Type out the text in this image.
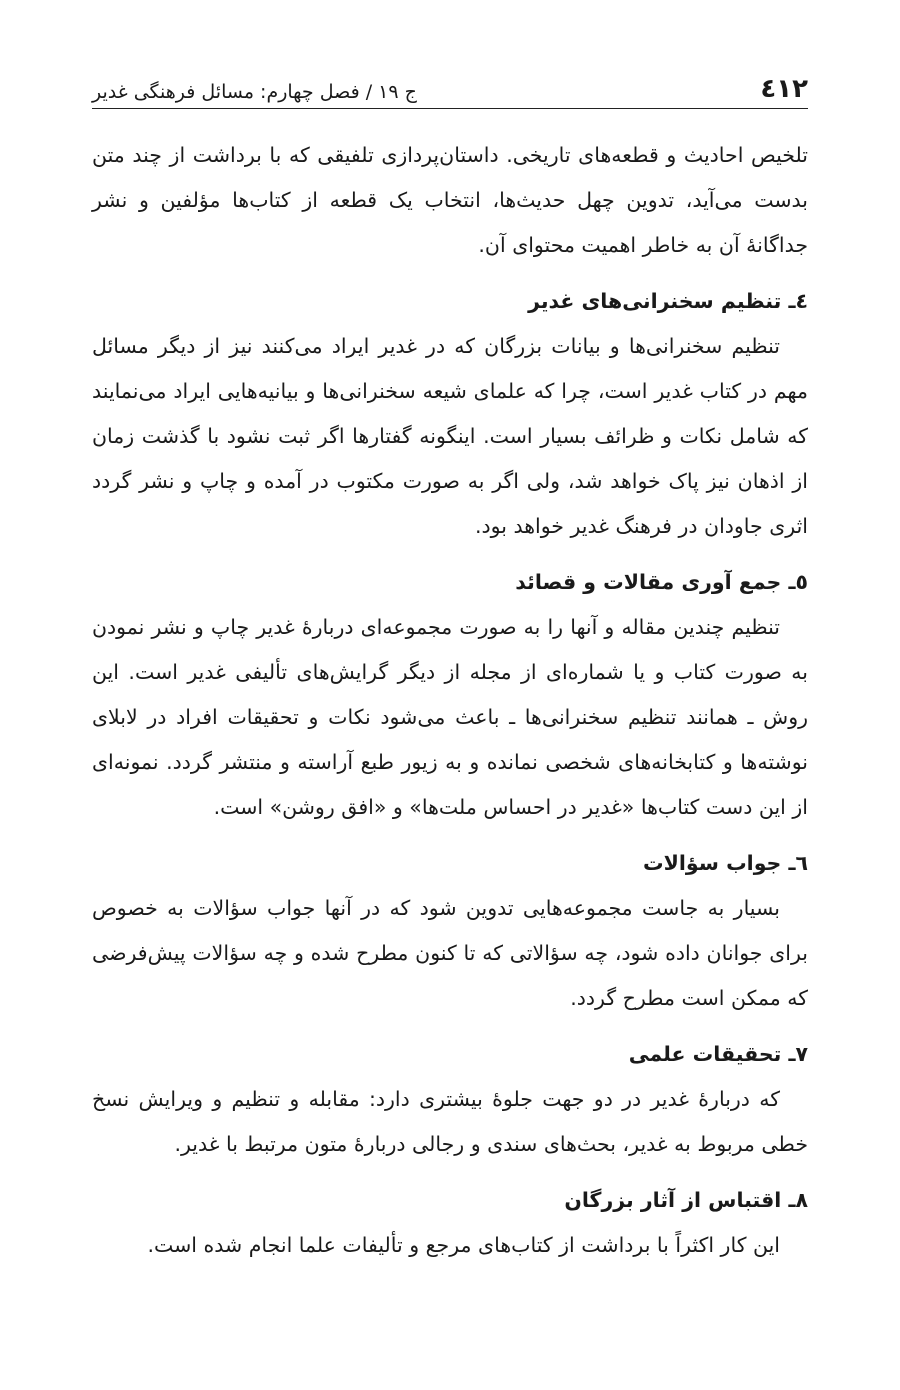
٤١٢
ج ١٩ / فصل چهارم: مسائل فرهنگی غدیر

تلخیص احادیث و قطعه‌های تاریخی. داستان‌پردازی تلفیقی که با برداشت از چند متن بدست می‌آید، تدوین چهل حدیث‌ها، انتخاب یک قطعه از کتاب‌ها مؤلفین و نشر جداگانۀ آن به خاطر اهمیت محتوای آن.

٤ـ تنظیم سخنرانی‌های غدیر

تنظیم سخنرانی‌ها و بیانات بزرگان که در غدیر ایراد می‌کنند نیز از دیگر مسائل مهم در کتاب غدیر است، چرا که علمای شیعه سخنرانی‌ها و بیانیه‌هایی ایراد می‌نمایند که شامل نکات و ظرائف بسیار است. اینگونه گفتارها اگر ثبت نشود با گذشت زمان از اذهان نیز پاک خواهد شد، ولی اگر به صورت مکتوب در آمده و چاپ و نشر گردد اثری جاودان در فرهنگ غدیر خواهد بود.

٥ـ جمع آوری مقالات و قصائد

تنظیم چندین مقاله و آنها را به صورت مجموعه‌ای دربارۀ غدیر چاپ و نشر نمودن به صورت کتاب و یا شماره‌ای از مجله از دیگر گرایش‌های تألیفی غدیر است. این روش ـ همانند تنظیم سخنرانی‌ها ـ باعث می‌شود نکات و تحقیقات افراد در لابلای نوشته‌ها و کتابخانه‌های شخصی نمانده و به زیور طبع آراسته و منتشر گردد. نمونه‌ای از این دست کتاب‌ها «غدیر در احساس ملت‌ها» و «افق روشن» است.

٦ـ جواب سؤالات

بسیار به جاست مجموعه‌هایی تدوین شود که در آنها جواب سؤالات به خصوص برای جوانان داده شود، چه سؤالاتی که تا کنون مطرح شده و چه سؤالات پیش‌فرضی که ممکن است مطرح گردد.

٧ـ تحقیقات علمی

که دربارۀ غدیر در دو جهت جلوۀ بیشتری دارد: مقابله و تنظیم و ویرایش نسخ خطی مربوط به غدیر، بحث‌های سندی و رجالی دربارۀ متون مرتبط با غدیر.

٨ـ اقتباس از آثار بزرگان

این کار اکثراً با برداشت از کتاب‌های مرجع و تألیفات علما انجام شده است.
